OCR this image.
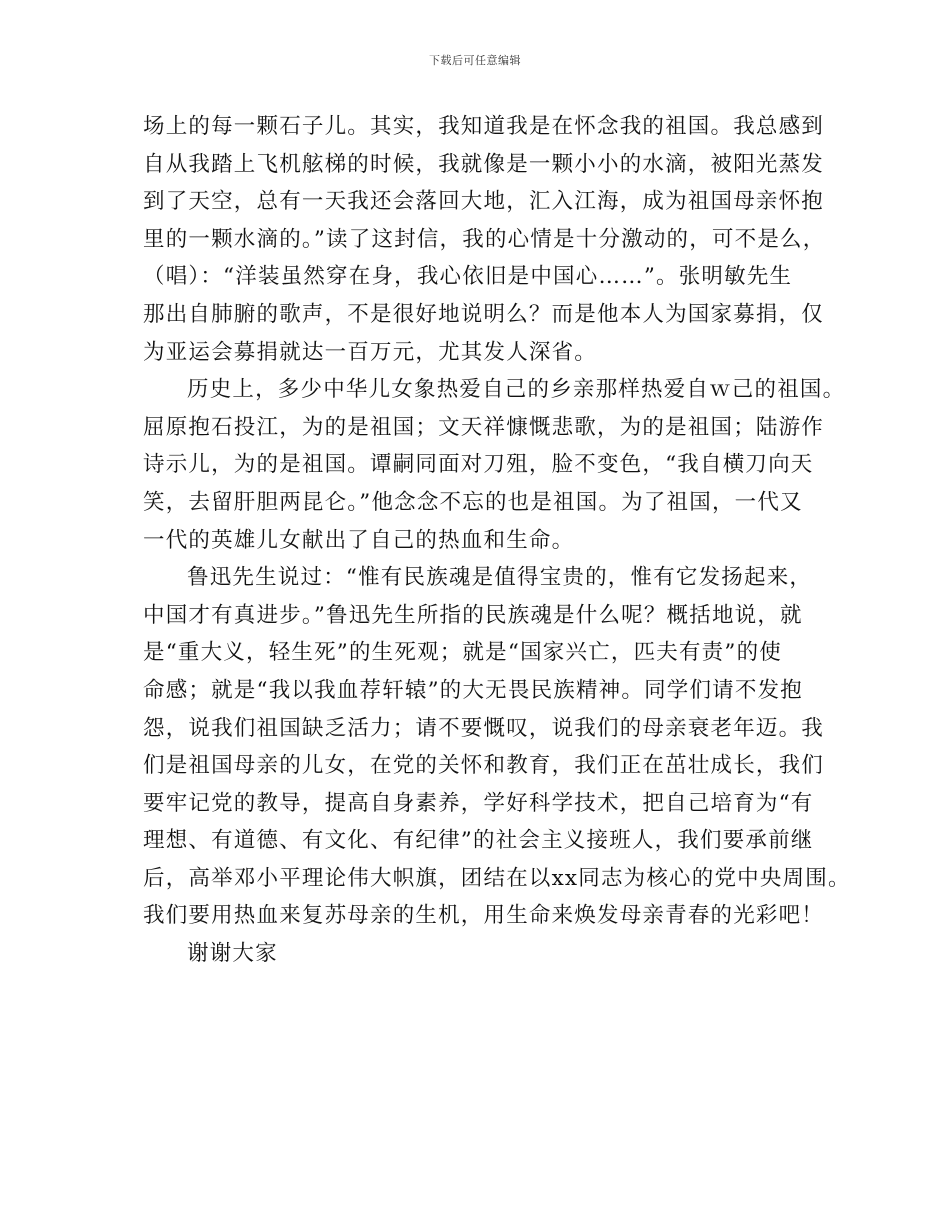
下载后可任意编辑
场上的每一颗石子儿。其实，我知道我是在怀念我的祖国。我总感到
自从我踏上飞机舷梯的时候，我就像是一颗小小的水滴，被阳光蒸发
到了天空，总有一天我还会落回大地，汇入江海，成为祖国母亲怀抱
里的一颗水滴的。”读了这封信，我的心情是十分激动的，可不是么，
（唱）：“洋装虽然穿在身，我心依旧是中国心……”。张明敏先生
那出自肺腑的歌声，不是很好地说明么？而是他本人为国家募捐，仅
为亚运会募捐就达一百万元，尤其发人深省。
历史上，多少中华儿女象热爱自己的乡亲那样热爱自ｗ己的祖国。
屈原抱石投江，为的是祖国；文天祥慷慨悲歌，为的是祖国；陆游作
诗示儿，为的是祖国。谭嗣同面对刀殂，脸不变色，“我自横刀向天
笑，去留肝胆两昆仑。”他念念不忘的也是祖国。为了祖国，一代又
一代的英雄儿女献出了自己的热血和生命。
鲁迅先生说过：“惟有民族魂是值得宝贵的，惟有它发扬起来，
中国才有真进步。”鲁迅先生所指的民族魂是什么呢？概括地说，就
是“重大义，轻生死”的生死观；就是“国家兴亡，匹夫有责”的使
命感；就是“我以我血荐轩辕”的大无畏民族精神。同学们请不发抱
怨，说我们祖国缺乏活力；请不要慨叹，说我们的母亲衰老年迈。我
们是祖国母亲的儿女，在党的关怀和教育，我们正在茁壮成长，我们
要牢记党的教导，提高自身素养，学好科学技术，把自己培育为“有
理想、有道德、有文化、有纪律”的社会主义接班人，我们要承前继
后，高举邓小平理论伟大帜旗，团结在以xx同志为核心的党中央周围。
我们要用热血来复苏母亲的生机，用生命来焕发母亲青春的光彩吧！
谢谢大家
